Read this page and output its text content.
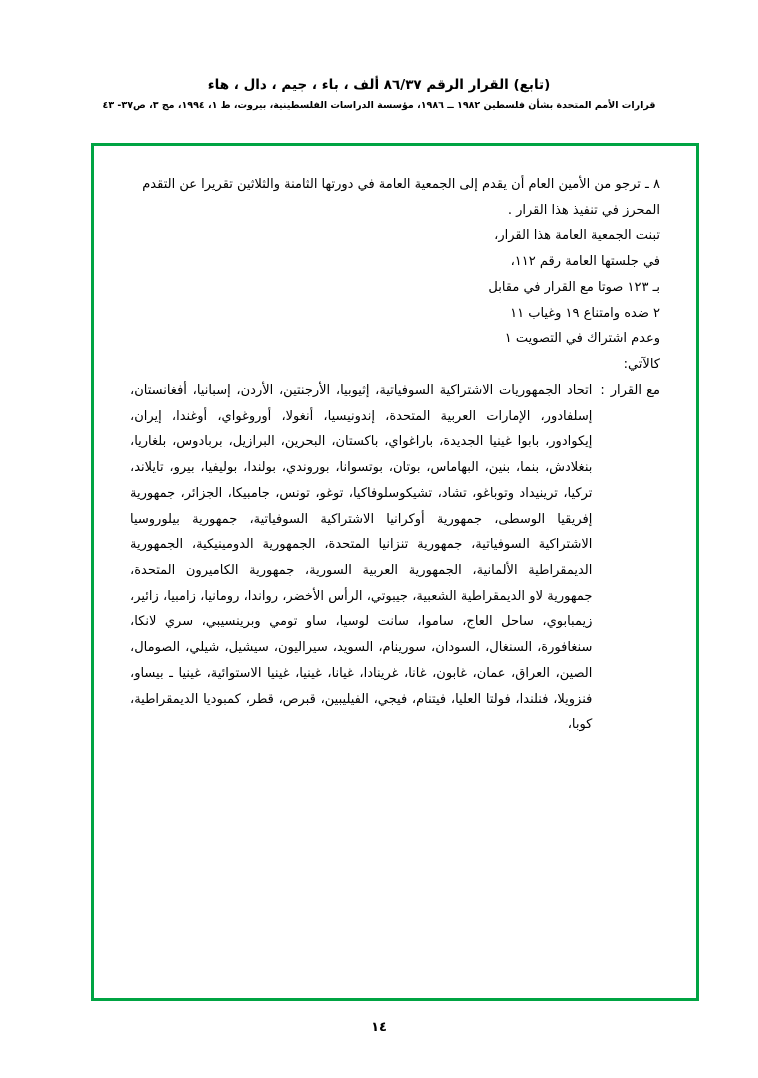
(تابع) القرار الرقم ٨٦/٣٧ ألف ، باء ، جيم ، دال ، هاء
قرارات الأمم المتحدة بشأن فلسطين ١٩٨٢ ــ ١٩٨٦، مؤسسة الدراسات الفلسطينية، بيروت، ط ١، ١٩٩٤، مج ٣، ص٣٧- ٤٣

٨ ـ ترجو من الأمين العام أن يقدم إلى الجمعية العامة في دورتها الثامنة والثلاثين تقريرا عن التقدم المحرز في تنفيذ هذا القرار .

تبنت الجمعية العامة هذا القرار،
في جلستها العامة رقم ١١٢،
بـ ١٢٣ صوتا مع القرار في مقابل
٢ ضده وامتناع ١٩ وغياب ١١
وعدم اشتراك في التصويت ١
كالآتي:
مع القرار
:
اتحاد الجمهوريات الاشتراكية السوفياتية، إثيوبيا، الأرجنتين، الأردن، إسبانيا، أفغانستان، إسلفادور، الإمارات العربية المتحدة، إندونيسيا، أنغولا، أوروغواي، أوغندا، إيران، إيكوادور، بابوا غينيا الجديدة، باراغواي، باكستان، البحرين، البرازيل، بربادوس، بلغاريا، بنغلادش، بنما، بنين، البهاماس، بوتان، بوتسوانا، بوروندي، بولندا، بوليفيا، بيرو، تايلاند، تركيا، ترينيداد وتوباغو، تشاد، تشيكوسلوفاكيا، توغو، تونس، جامبيكا، الجزائر، جمهورية إفريقيا الوسطى، جمهورية أوكرانيا الاشتراكية السوفياتية، جمهورية بيلوروسيا الاشتراكية السوفياتية، جمهورية تنزانيا المتحدة، الجمهورية الدومينيكية، الجمهورية الديمقراطية الألمانية، الجمهورية العربية السورية، جمهورية الكاميرون المتحدة، جمهورية لاو الديمقراطية الشعبية، جيبوتي، الرأس الأخضر، رواندا، رومانيا، زامبيا، زائير، زيمبابوي، ساحل العاج، ساموا، سانت لوسيا، ساو تومي وبرينسيبي، سري لانكا، سنغافورة، السنغال، السودان، سورينام، السويد، سيراليون، سيشيل، شيلي، الصومال، الصين، العراق، عمان، غابون، غانا، غرينادا، غيانا، غينيا، غينيا الاستوائية، غينيا ـ بيساو، فنزويلا، فنلندا، فولتا العليا، فيتنام، فيجي، الفيليبين، قبرص، قطر، كمبوديا الديمقراطية، كوبا،
١٤
